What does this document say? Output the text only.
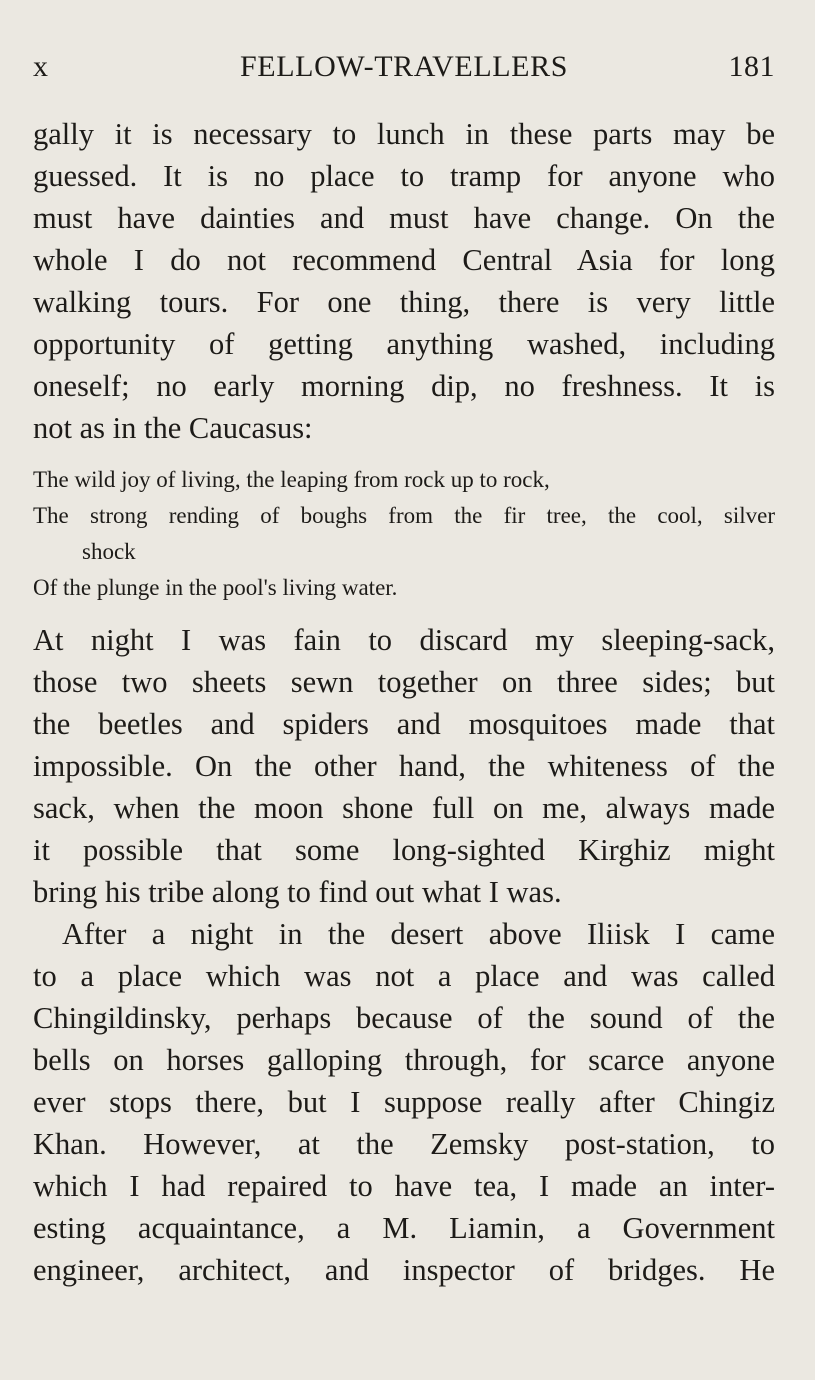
x	FELLOW-TRAVELLERS	181
gally it is necessary to lunch in these parts may be
guessed. It is no place to tramp for anyone who
must have dainties and must have change. On the
whole I do not recommend Central Asia for long
walking tours. For one thing, there is very little
opportunity of getting anything washed, including
oneself; no early morning dip, no freshness. It is
not as in the Caucasus:
The wild joy of living, the leaping from rock up to rock,
The strong rending of boughs from the fir tree, the cool, silver
shock
Of the plunge in the pool's living water.
At night I was fain to discard my sleeping-sack,
those two sheets sewn together on three sides; but
the beetles and spiders and mosquitoes made that
impossible. On the other hand, the whiteness of the
sack, when the moon shone full on me, always made
it possible that some long-sighted Kirghiz might
bring his tribe along to find out what I was.
After a night in the desert above Iliisk I came
to a place which was not a place and was called
Chingildinsky, perhaps because of the sound of the
bells on horses galloping through, for scarce anyone
ever stops there, but I suppose really after Chingiz
Khan. However, at the Zemsky post-station, to
which I had repaired to have tea, I made an inter-
esting acquaintance, a M. Liamin, a Government
engineer, architect, and inspector of bridges. He
